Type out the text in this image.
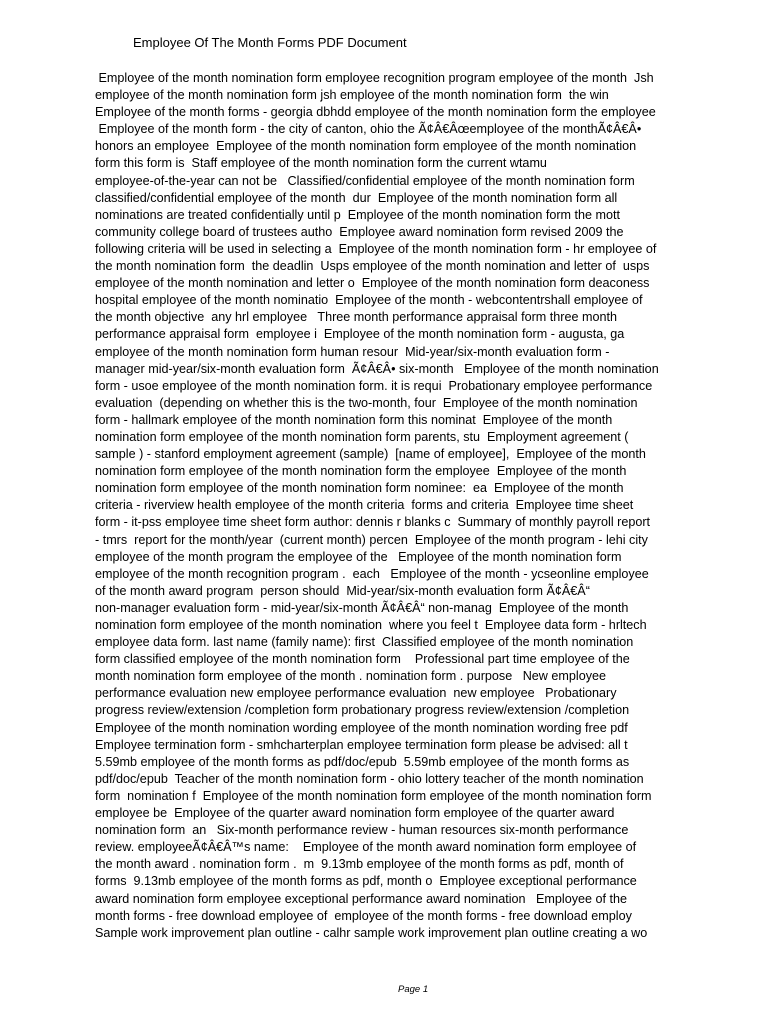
Employee Of The Month Forms PDF Document
Employee of the month nomination form employee recognition program employee of the month  Jsh
employee of the month nomination form jsh employee of the month nomination form  the win
Employee of the month forms - georgia dbhdd employee of the month nomination form the employee
Employee of the month form - the city of canton, ohio the Ã¢Â€Âœemployee of the monthÃ¢Â€Â•
honors an employee  Employee of the month nomination form employee of the month nomination
form this form is  Staff employee of the month nomination form the current wtamu
employee-of-the-year can not be   Classified/confidential employee of the month nomination form
classified/confidential employee of the month  dur  Employee of the month nomination form all
nominations are treated confidentially until p  Employee of the month nomination form the mott
community college board of trustees autho  Employee award nomination form revised 2009 the
following criteria will be used in selecting a  Employee of the month nomination form - hr employee of
the month nomination form  the deadlin  Usps employee of the month nomination and letter of  usps
employee of the month nomination and letter o  Employee of the month nomination form deaconess
hospital employee of the month nominatio  Employee of the month - webcontentrshall employee of
the month objective  any hrl employee   Three month performance appraisal form three month
performance appraisal form  employee i  Employee of the month nomination form - augusta, ga
employee of the month nomination form human resour  Mid-year/six-month evaluation form -
manager mid-year/six-month evaluation form  Ã¢Â€Â• six-month   Employee of the month nomination
form - usoe employee of the month nomination form. it is requi  Probationary employee performance
evaluation  (depending on whether this is the two-month, four  Employee of the month nomination
form - hallmark employee of the month nomination form this nominat  Employee of the month
nomination form employee of the month nomination form parents, stu  Employment agreement (
sample ) - stanford employment agreement (sample)  [name of employee],  Employee of the month
nomination form employee of the month nomination form the employee  Employee of the month
nomination form employee of the month nomination form nominee:  ea  Employee of the month
criteria - riverview health employee of the month criteria  forms and criteria  Employee time sheet
form - it-pss employee time sheet form author: dennis r blanks c  Summary of monthly payroll report
- tmrs  report for the month/year  (current month) percen  Employee of the month program - lehi city
employee of the month program the employee of the   Employee of the month nomination form
employee of the month recognition program .  each   Employee of the month - ycseonline employee
of the month award program  person should  Mid-year/six-month evaluation form Ã¢Â€Â“
non-manager evaluation form - mid-year/six-month Ã¢Â€Â“ non-manag  Employee of the month
nomination form employee of the month nomination  where you feel t  Employee data form - hrltech
employee data form. last name (family name): first  Classified employee of the month nomination
form classified employee of the month nomination form    Professional part time employee of the
month nomination form employee of the month . nomination form . purpose   New employee
performance evaluation new employee performance evaluation  new employee   Probationary
progress review/extension /completion form probationary progress review/extension /completion
Employee of the month nomination wording employee of the month nomination wording free pdf
Employee termination form - smhcharterplan employee termination form please be advised: all t
5.59mb employee of the month forms as pdf/doc/epub  5.59mb employee of the month forms as
pdf/doc/epub  Teacher of the month nomination form - ohio lottery teacher of the month nomination
form  nomination f  Employee of the month nomination form employee of the month nomination form
employee be  Employee of the quarter award nomination form employee of the quarter award
nomination form  an   Six-month performance review - human resources six-month performance
review. employeeÃ¢Â€Â™s name:    Employee of the month award nomination form employee of
the month award . nomination form .  m  9.13mb employee of the month forms as pdf, month of
forms  9.13mb employee of the month forms as pdf, month o  Employee exceptional performance
award nomination form employee exceptional performance award nomination   Employee of the
month forms - free download employee of  employee of the month forms - free download employ
Sample work improvement plan outline - calhr sample work improvement plan outline creating a wo
Page 1
